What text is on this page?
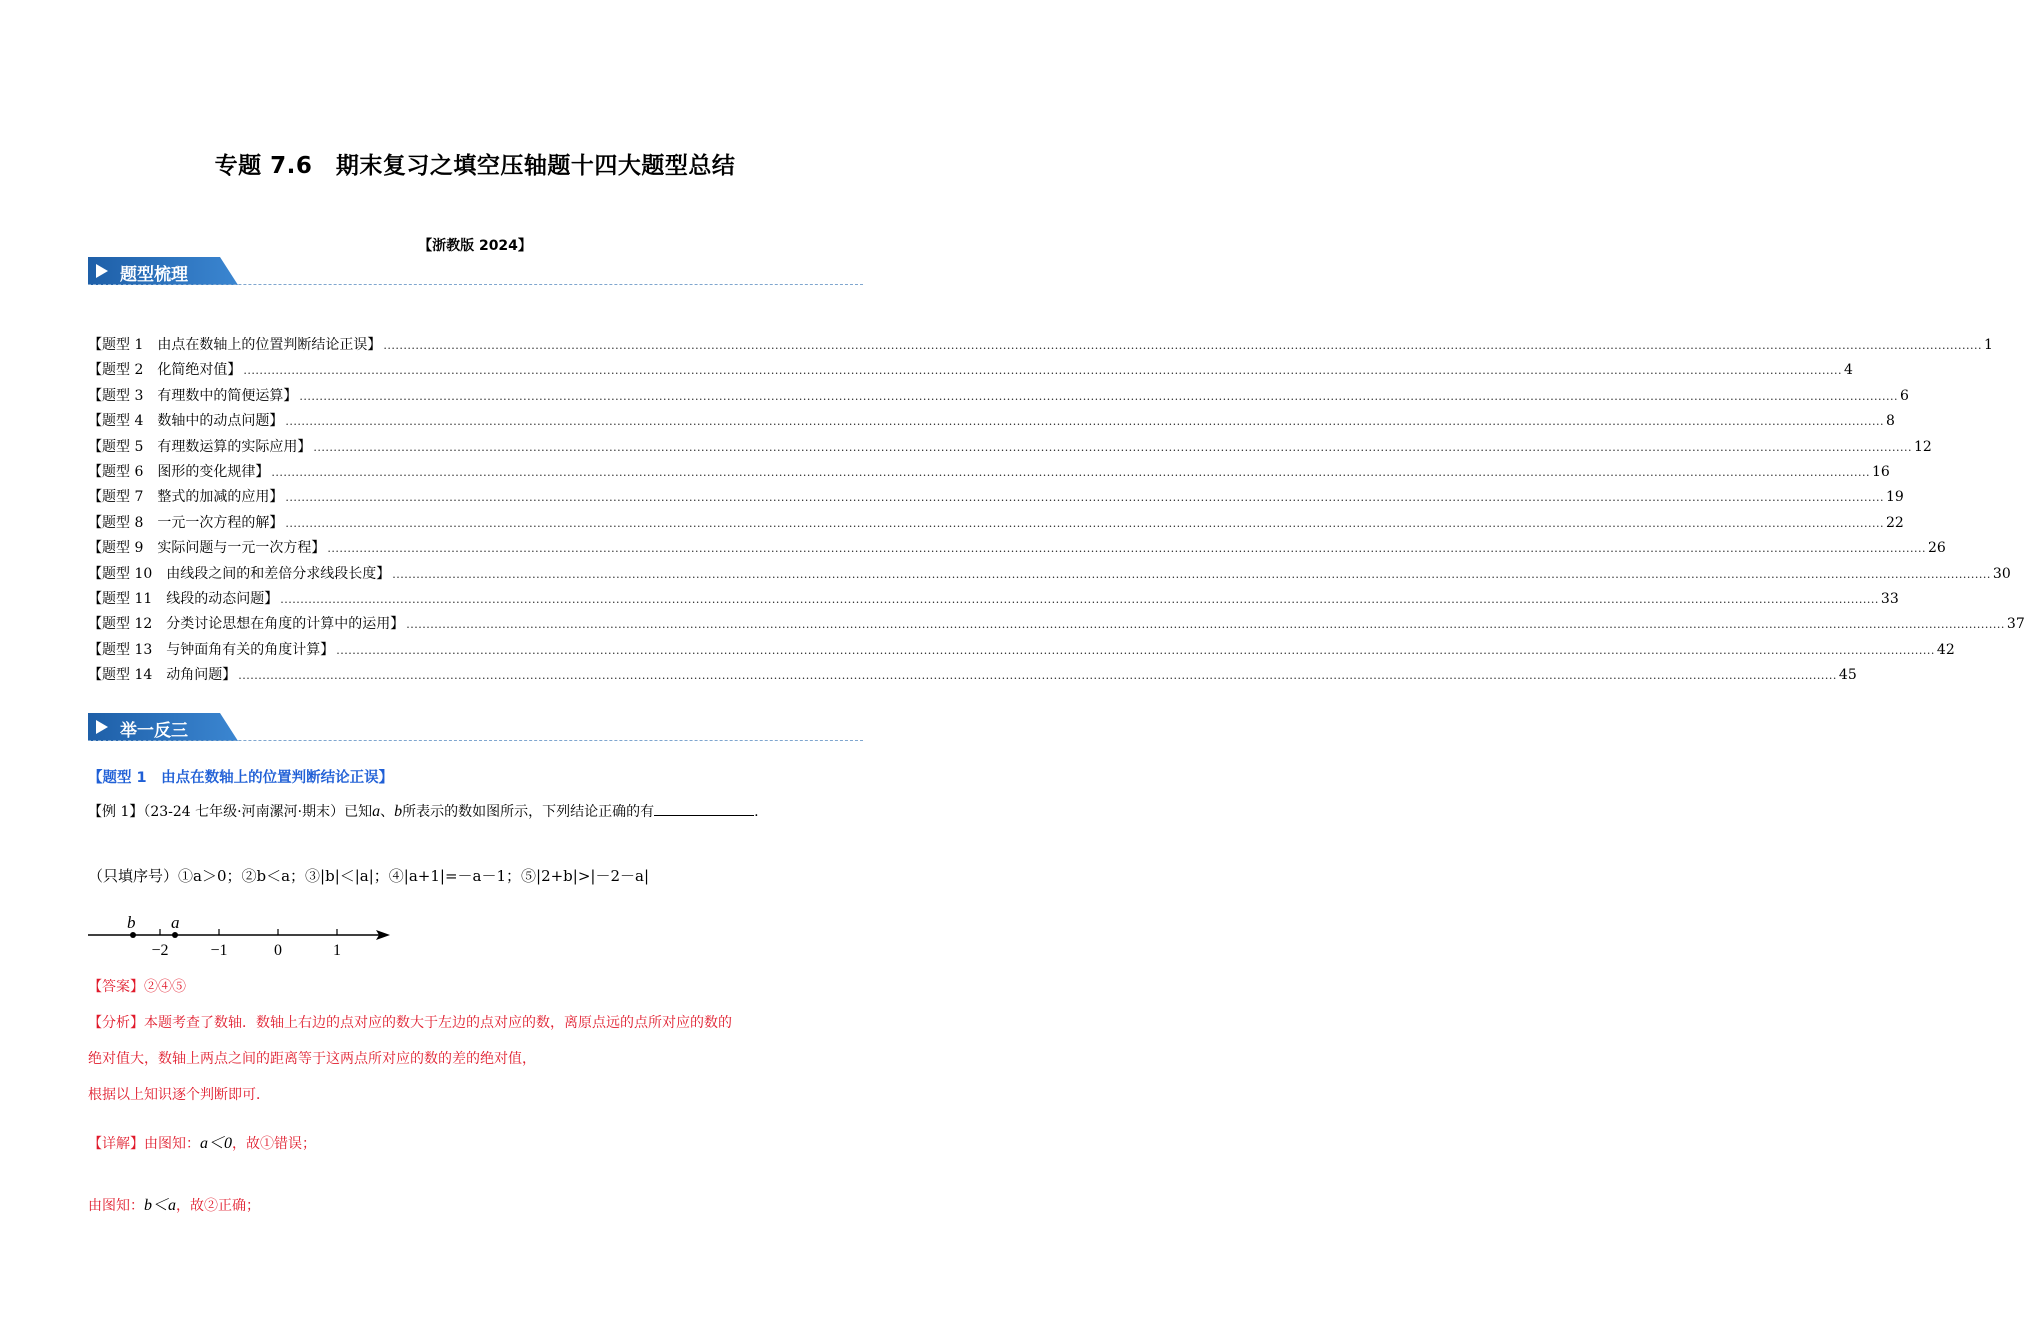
专题 7.6　期末复习之填空压轴题十四大题型总结
【浙教版 2024】
题型梳理
【题型 1　由点在数轴上的位置判断结论正误】 ................................................................................................................................................................................................................................................................................................................................................................................................................ 1
【题型 2　化简绝对值】 ................................................................................................................................................................................................................................................................................................................................................................................................................ 4
【题型 3　有理数中的简便运算】 ................................................................................................................................................................................................................................................................................................................................................................................................................ 6
【题型 4　数轴中的动点问题】 ................................................................................................................................................................................................................................................................................................................................................................................................................ 8
【题型 5　有理数运算的实际应用】 ................................................................................................................................................................................................................................................................................................................................................................................................................ 12
【题型 6　图形的变化规律】 ................................................................................................................................................................................................................................................................................................................................................................................................................ 16
【题型 7　整式的加减的应用】 ................................................................................................................................................................................................................................................................................................................................................................................................................ 19
【题型 8　一元一次方程的解】 ................................................................................................................................................................................................................................................................................................................................................................................................................ 22
【题型 9　实际问题与一元一次方程】 ................................................................................................................................................................................................................................................................................................................................................................................................................ 26
【题型 10　由线段之间的和差倍分求线段长度】 ................................................................................................................................................................................................................................................................................................................................................................................................................ 30
【题型 11　线段的动态问题】 ................................................................................................................................................................................................................................................................................................................................................................................................................ 33
【题型 12　分类讨论思想在角度的计算中的运用】 ................................................................................................................................................................................................................................................................................................................................................................................................................ 37
【题型 13　与钟面角有关的角度计算】 ................................................................................................................................................................................................................................................................................................................................................................................................................ 42
【题型 14　动角问题】 ................................................................................................................................................................................................................................................................................................................................................................................................................ 45
举一反三
【题型 1　由点在数轴上的位置判断结论正误】
【例 1】（23-24 七年级·河南漯河·期末）已知a、b所表示的数如图所示，下列结论正确的有	.
（只填序号）①a＞0；②b＜a；③|b|＜|a|；④|a+1|=－a－1；⑤|2+b|>|－2－a|
b a
−2	−1	0	1
【答案】②④⑤
【分析】本题考查了数轴．数轴上右边的点对应的数大于左边的点对应的数，离原点远的点所对应的数的
绝对值大，数轴上两点之间的距离等于这两点所对应的数的差的绝对值，
根据以上知识逐个判断即可．
【详解】由图知：a＜0，故①错误；
由图知：b＜a，故②正确；
